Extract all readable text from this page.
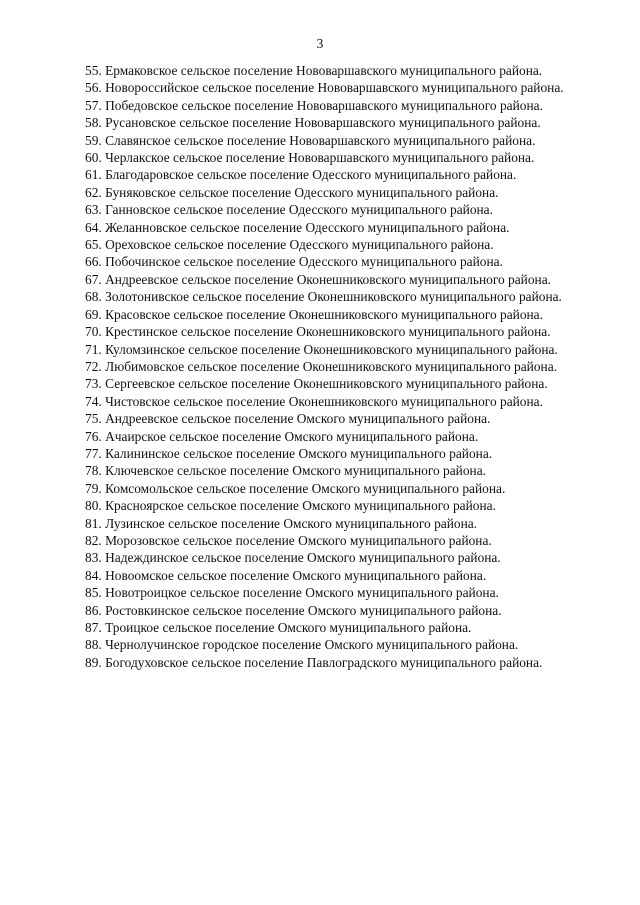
3

55. Ермаковское сельское поселение Нововаршавского муниципального района.

56. Новороссийское сельское поселение Нововаршавского муниципального района.

57. Победовское сельское поселение Нововаршавского муниципального района.

58. Русановское сельское поселение Нововаршавского муниципального района.

59. Славянское сельское поселение Нововаршавского муниципального района.

60. Черлакское сельское поселение Нововаршавского муниципального района.

61. Благодаровское сельское поселение Одесского муниципального района.

62. Буняковское сельское поселение Одесского муниципального района.

63. Ганновское сельское поселение Одесского муниципального района.

64. Желанновское сельское поселение Одесского муниципального района.

65. Ореховское сельское поселение Одесского муниципального района.

66. Побочинское сельское поселение Одесского муниципального района.

67. Андреевское сельское поселение Оконешниковского муниципального района.

68. Золотонивское сельское поселение Оконешниковского муниципального района.

69. Красовское сельское поселение Оконешниковского муниципального района.

70. Крестинское сельское поселение Оконешниковского муниципального района.

71. Куломзинское сельское поселение Оконешниковского муниципального района.

72. Любимовское сельское поселение Оконешниковского муниципального района.

73. Сергеевское сельское поселение Оконешниковского муниципального района.

74. Чистовское сельское поселение Оконешниковского муниципального района.

75. Андреевское сельское поселение Омского муниципального района.

76. Ачаирское сельское поселение Омского муниципального района.

77. Калининское сельское поселение Омского муниципального района.

78. Ключевское сельское поселение Омского муниципального района.

79. Комсомольское сельское поселение Омского муниципального района.

80. Красноярское сельское поселение Омского муниципального района.

81. Лузинское сельское поселение Омского муниципального района.

82. Морозовское сельское поселение Омского муниципального района.

83. Надеждинское сельское поселение Омского муниципального района.

84. Новоомское сельское поселение Омского муниципального района.

85. Новотроицкое сельское поселение Омского муниципального района.

86. Ростовкинское сельское поселение Омского муниципального района.

87. Троицкое сельское поселение Омского муниципального района.

88. Чернолучинское городское поселение Омского муниципального района.

89. Богодуховское сельское поселение Павлоградского муниципального района.
